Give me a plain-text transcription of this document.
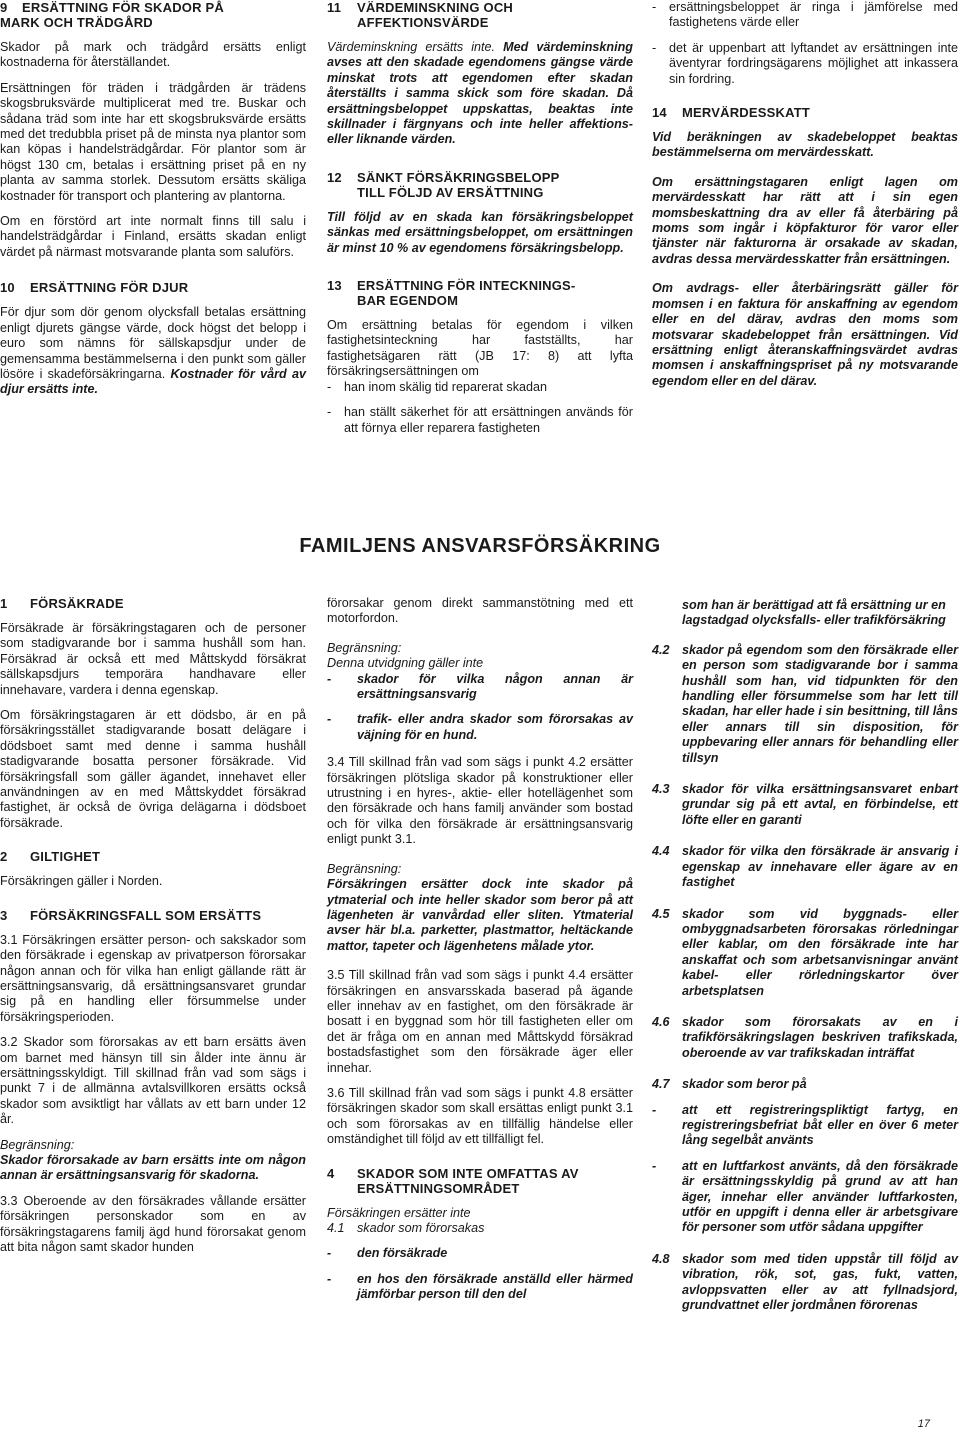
9 ERSÄTTNING FÖR SKADOR PÅ
MARK OCH TRÄDGÅRD

Skador på mark och trädgård ersätts enligt kostnaderna för återställandet.

Ersättningen för träden i trädgården är trädens skogsbruksvärde multiplicerat med tre. Buskar och sådana träd som inte har ett skogsbruksvärde ersätts med det tredubbla priset på de minsta nya plantor som kan köpas i handelsträdgårdar. För plantor som är högst 130 cm, betalas i ersättning priset på en ny planta av samma storlek. Dessutom ersätts skäliga kostnader för transport och plantering av plantorna.

Om en förstörd art inte normalt finns till salu i handelsträdgårdar i Finland, ersätts skadan enligt värdet på närmast motsvarande planta som saluförs.

10 ERSÄTTNING FÖR DJUR

För djur som dör genom olycksfall betalas ersättning enligt djurets gängse värde, dock högst det belopp i euro som nämns för sällskapsdjur under de gemensamma bestämmelserna i den punkt som gäller lösöre i skadeförsäkringarna. Kostnader för vård av djur ersätts inte.

11 VÄRDEMINSKNING OCH
AFFEKTIONSVÄRDE

Värdeminskning ersätts inte. Med värdeminskning avses att den skadade egendomens gängse värde minskat trots att egendomen efter skadan återställts i samma skick som före skadan. Då ersättningsbeloppet uppskattas, beaktas inte skillnader i färgnyans och inte heller affektions- eller liknande värden.

12 SÄNKT FÖRSÄKRINGSBELOPP
TILL FÖLJD AV ERSÄTTNING

Till följd av en skada kan försäkringsbeloppet sänkas med ersättningsbeloppet, om ersättningen är minst 10 % av egendomens försäkringsbelopp.

13 ERSÄTTNING FÖR INTECKNINGS-
BAR EGENDOM

Om ersättning betalas för egendom i vilken fastighetsinteckning har fastställts, har fastighetsägaren rätt (JB 17: 8) att lyfta försäkringsersättningen om

- han inom skälig tid reparerat skadan

- han ställt säkerhet för att ersättningen används för att förnya eller reparera fastigheten

- ersättningsbeloppet är ringa i jämförelse med fastighetens värde eller

- det är uppenbart att lyftandet av ersättningen inte äventyrar fordringsägarens möjlighet att inkassera sin fordring.

14 MERVÄRDESSKATT

Vid beräkningen av skadebeloppet beaktas bestämmelserna om mervärdesskatt.

Om ersättningstagaren enligt lagen om mervärdesskatt har rätt att i sin egen momsbeskattning dra av eller få återbäring på moms som ingår i köpfakturor för varor eller tjänster när fakturorna är orsakade av skadan, avdras dessa mervärdesskatter från ersättningen.

Om avdrags- eller återbäringsrätt gäller för momsen i en faktura för anskaffning av egendom eller en del därav, avdras den moms som motsvarar skadebeloppet från ersättningen. Vid ersättning enligt återanskaffningsvärdet avdras momsen i anskaffningspriset på ny motsvarande egendom eller en del därav.

FAMILJENS ANSVARSFÖRSÄKRING
1 FÖRSÄKRADE

Försäkrade är försäkringstagaren och de personer som stadigvarande bor i samma hushåll som han. Försäkrad är också ett med Måttskydd försäkrat sällskapsdjurs temporära handhavare eller innehavare, vardera i denna egenskap.

Om försäkringstagaren är ett dödsbo, är en på försäkringsstället stadigvarande bosatt delägare i dödsboet samt med denne i samma hushåll stadigvarande bosatta personer försäkrade. Vid försäkringsfall som gäller ägandet, innehavet eller användningen av en med Måttskyddet försäkrad fastighet, är också de övriga delägarna i dödsboet försäkrade.

2 GILTIGHET

Försäkringen gäller i Norden.

3 FÖRSÄKRINGSFALL SOM ERSÄTTS

3.1 Försäkringen ersätter person- och sakskador som den försäkrade i egenskap av privatperson förorsakar någon annan och för vilka han enligt gällande rätt är ersättningsansvarig, då ersättningsansvaret grundar sig på en handling eller försummelse under försäkringsperioden.

3.2 Skador som förorsakas av ett barn ersätts även om barnet med hänsyn till sin ålder inte ännu är ersättningsskyldigt. Till skillnad från vad som sägs i punkt 7 i de allmänna avtalsvillkoren ersätts också skador som avsiktligt har vållats av ett barn under 12 år.

Begränsning:

Skador förorsakade av barn ersätts inte om någon annan är ersättningsansvarig för skadorna.

3.3 Oberoende av den försäkrades vållande ersätter försäkringen personskador som en av försäkringstagarens familj ägd hund förorsakat genom att bita någon samt skador hunden

förorsakar genom direkt sammanstötning med ett motorfordon.

Begränsning:

Denna utvidgning gäller inte

- skador för vilka någon annan är ersättningsansvarig

- trafik- eller andra skador som förorsakas av väjning för en hund.

3.4 Till skillnad från vad som sägs i punkt 4.2 ersätter försäkringen plötsliga skador på konstruktioner eller utrustning i en hyres-, aktie- eller hotellägenhet som den försäkrade och hans familj använder som bostad och för vilka den försäkrade är ersättningsansvarig enligt punkt 3.1.

Begränsning:

Försäkringen ersätter dock inte skador på ytmaterial och inte heller skador som beror på att lägenheten är vanvårdad eller sliten. Ytmaterial avser här bl.a. parketter, plastmattor, heltäckande mattor, tapeter och lägenhetens målade ytor.

3.5 Till skillnad från vad som sägs i punkt 4.4 ersätter försäkringen en ansvarsskada baserad på ägande eller innehav av en fastighet, om den försäkrade är bosatt i en byggnad som hör till fastigheten eller om det är fråga om en annan med Måttskydd försäkrad bostadsfastighet som den försäkrade äger eller innehar.

3.6 Till skillnad från vad som sägs i punkt 4.8 ersätter försäkringen skador som skall ersättas enligt punkt 3.1 och som förorsakas av en tillfällig händelse eller omständighet till följd av ett tillfälligt fel.

4 SKADOR SOM INTE OMFATTAS AV
ERSÄTTNINGSOMRÅDET

Försäkringen ersätter inte

4.1 skador som förorsakas

- den försäkrade

- en hos den försäkrade anställd eller härmed jämförbar person till den del

som han är berättigad att få ersättning ur en lagstadgad olycksfalls- eller trafikförsäkring

4.2 skador på egendom som den försäkrade eller en person som stadigvarande bor i samma hushåll som han, vid tidpunkten för den handling eller försummelse som har lett till skadan, har eller hade i sin besittning, till låns eller annars till sin disposition, för uppbevaring eller annars för behandling eller tillsyn

4.3 skador för vilka ersättningsansvaret enbart grundar sig på ett avtal, en förbindelse, ett löfte eller en garanti

4.4 skador för vilka den försäkrade är ansvarig i egenskap av innehavare eller ägare av en fastighet

4.5 skador som vid byggnads- eller ombyggnadsarbeten förorsakas rörledningar eller kablar, om den försäkrade inte har anskaffat och som arbetsanvisningar använt kabel- eller rörledningskartor över arbetsplatsen

4.6 skador som förorsakats av en i trafikförsäkringslagen beskriven trafikskada, oberoende av var trafikskadan inträffat

4.7 skador som beror på

- att ett registreringspliktigt fartyg, en registreringsbefriat båt eller en över 6 meter lång segelbåt använts

- att en luftfarkost använts, då den försäkrade är ersättningsskyldig på grund av att han äger, innehar eller använder luftfarkosten, utför en uppgift i denna eller är arbetsgivare för personer som utför sådana uppgifter

4.8 skador som med tiden uppstår till följd av vibration, rök, sot, gas, fukt, vatten, avloppsvatten eller av att fyllnadsjord, grundvattnet eller jordmånen förorenas

17
